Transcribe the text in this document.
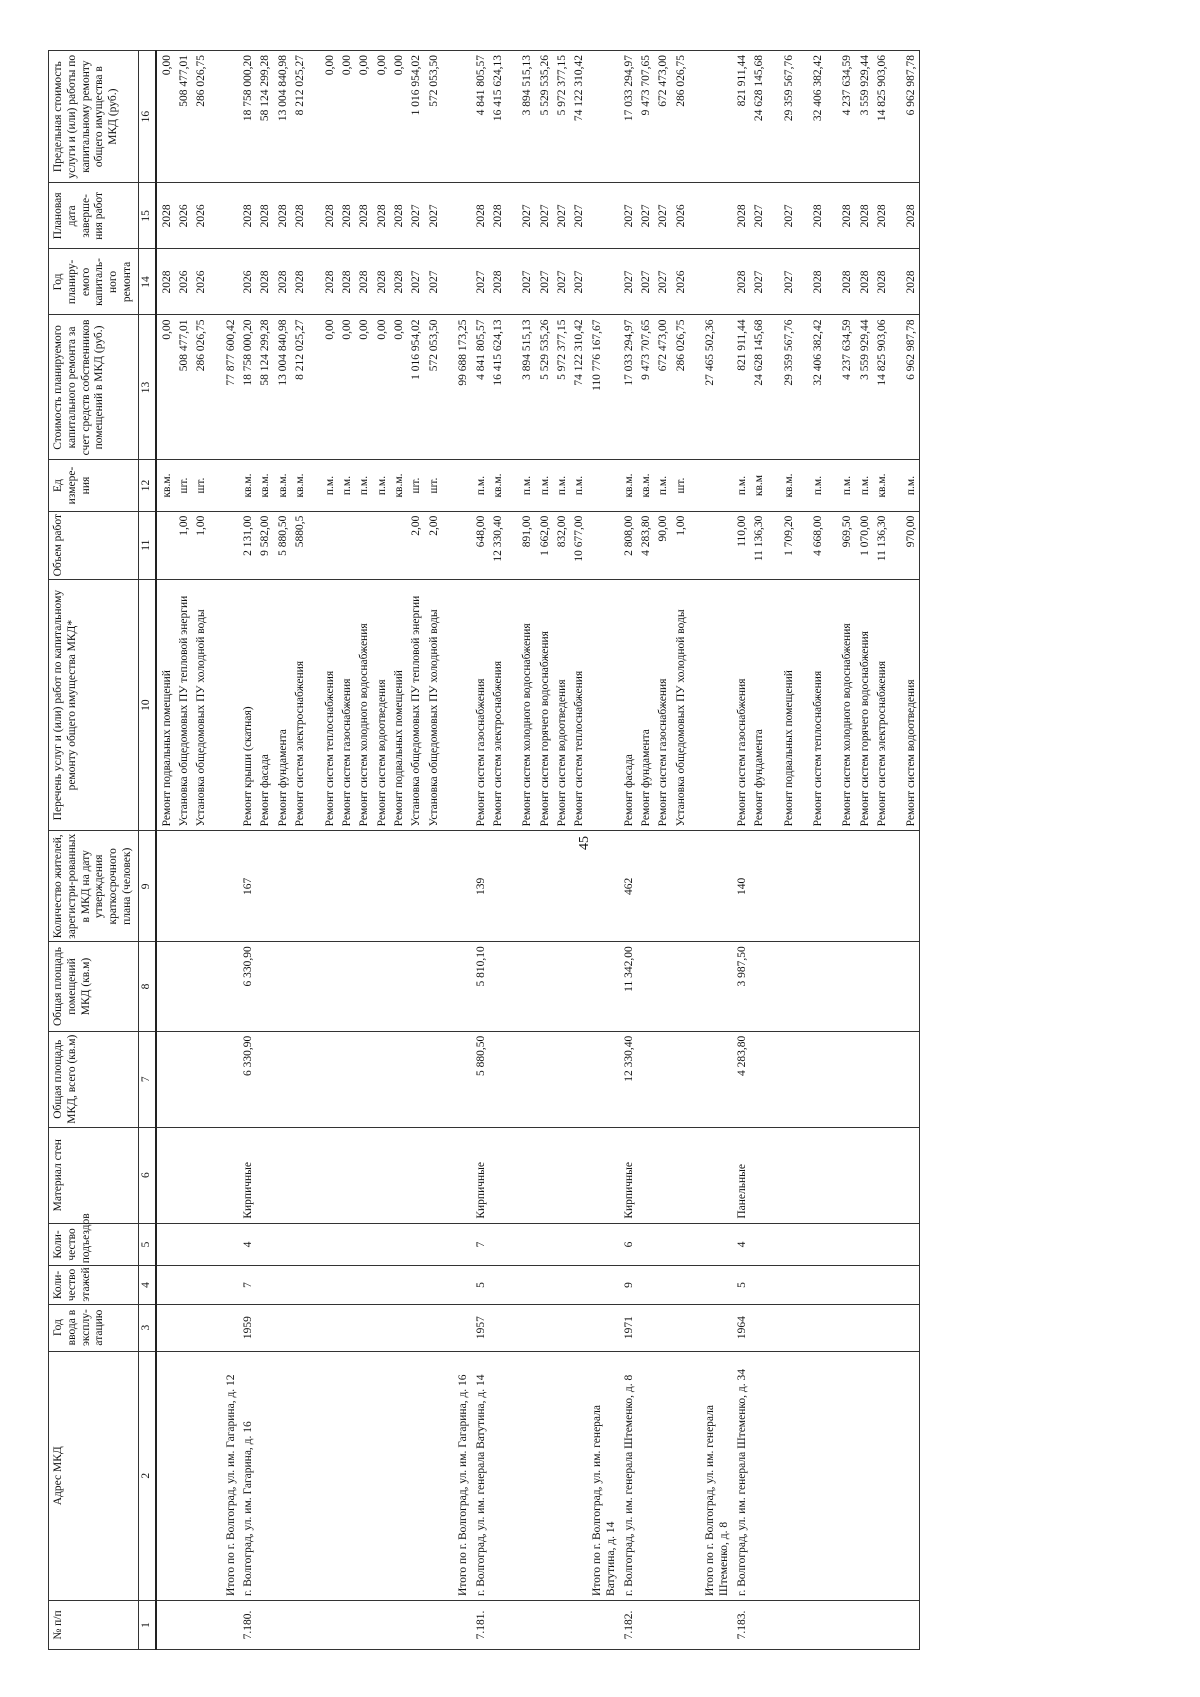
45
№ п/п	Адрес МКД	Год ввода в эксплу-атацию	Коли-чество этажей	Коли-чество подъездов	Материал стен	Общая площадь МКД, всего (кв.м)	Общая площадь помещений МКД (кв.м)	Количество жителей, зарегистри-рованных в МКД на дату утверждения краткосрочного плана (человек)	Перечень услуг и (или) работ по капитальному ремонту общего имущества МКД*	Объем работ	Ед измере-ния	Стоимость планируемого капитального ремонта за счет средств собственников помещений в МКД (руб.)	Год планиру-емого капиталь-ного ремонта	Плановая дата заверше-ния работ	Предельная стоимость услуги и (или) работы по капитальному ремонту общего имущества в МКД (руб.)
1	2	3	4	5	6	7	8	9	10	11	12	13	14	15	16
									Ремонт подвальных помещений		кв.м.	0,00	2028	2028	0,00
									Установка общедомовых ПУ тепловой энергии	1,00	шт.	508 477,01	2026	2026	508 477,01
									Установка общедомовых ПУ холодной воды	1,00	шт.	286 026,75	2026	2026	286 026,75

	Итого по г. Волгоград, ул. им. Гагарина, д. 12											77 877 600,42			
7.180.	г. Волгоград, ул. им. Гагарина, д. 16	1959	7	4	Кирпичные	6 330,90	6 330,90	167	Ремонт крыши (скатная)	2 131,00	кв.м.	18 758 000,20	2026	2028	18 758 000,20
									Ремонт фасада	9 582,00	кв.м.	58 124 299,28	2028	2028	58 124 299,28
									Ремонт фундамента	5 880,50	кв.м.	13 004 840,98	2028	2028	13 004 840,98
									Ремонт систем электроснабжения	5880,5	кв.м.	8 212 025,27	2028	2028	8 212 025,27

									Ремонт систем теплоснабжения		п.м.	0,00	2028	2028	0,00
									Ремонт систем газоснабжения		п.м.	0,00	2028	2028	0,00
									Ремонт систем холодного водоснабжения		п.м.	0,00	2028	2028	0,00
									Ремонт систем водоотведения		п.м.	0,00	2028	2028	0,00
									Ремонт подвальных помещений		кв.м.	0,00	2028	2028	0,00
									Установка общедомовых ПУ тепловой энергии	2,00	шт.	1 016 954,02	2027	2027	1 016 954,02
									Установка общедомовых ПУ холодной воды	2,00	шт.	572 053,50	2027	2027	572 053,50

	Итого по г. Волгоград, ул. им. Гагарина, д. 16											99 688 173,25			
7.181.	г. Волгоград, ул. им. генерала Ватутина, д. 14	1957	5	7	Кирпичные	5 880,50	5 810,10	139	Ремонт систем газоснабжения	648,00	п.м.	4 841 805,57	2027	2028	4 841 805,57
									Ремонт систем электроснабжения	12 330,40	кв.м.	16 415 624,13	2028	2028	16 415 624,13

									Ремонт систем холодного водоснабжения	891,00	п.м.	3 894 515,13	2027	2027	3 894 515,13
									Ремонт систем горячего водоснабжения	1 662,00	п.м.	5 529 535,26	2027	2027	5 529 535,26
									Ремонт систем водоотведения	832,00	п.м.	5 972 377,15	2027	2027	5 972 377,15
									Ремонт систем теплоснабжения	10 677,00	п.м.	74 122 310,42	2027	2027	74 122 310,42
	Итого по г. Волгоград, ул. им. генерала Ватутина, д. 14											110 776 167,67			
7.182.	г. Волгоград, ул. им. генерала Штеменко, д. 8	1971	9	6	Кирпичные	12 330,40	11 342,00	462	Ремонт фасада	2 808,00	кв.м.	17 033 294,97	2027	2027	17 033 294,97
									Ремонт фундамента	4 283,80	кв.м.	9 473 707,65	2027	2027	9 473 707,65
									Ремонт систем газоснабжения	90,00	п.м.	672 473,00	2027	2027	672 473,00
									Установка общедомовых ПУ холодной воды	1,00	шт.	286 026,75	2026	2026	286 026,75

	Итого по г. Волгоград, ул. им. генерала Штеменко, д. 8											27 465 502,36			
7.183.	г. Волгоград, ул. им. генерала Штеменко, д. 34	1964	5	4	Панельные	4 283,80	3 987,50	140	Ремонт систем газоснабжения	110,00	п.м.	821 911,44	2028	2028	821 911,44
									Ремонт фундамента	11 136,30	кв.м	24 628 145,68	2027	2027	24 628 145,68

									Ремонт подвальных помещений	1 709,20	кв.м.	29 359 567,76	2027	2027	29 359 567,76

									Ремонт систем теплоснабжения	4 668,00	п.м.	32 406 382,42	2028	2028	32 406 382,42

									Ремонт систем холодного водоснабжения	969,50	п.м.	4 237 634,59	2028	2028	4 237 634,59
									Ремонт систем горячего водоснабжения	1 070,00	п.м.	3 559 929,44	2028	2028	3 559 929,44
									Ремонт систем электроснабжения	11 136,30	кв.м.	14 825 903,06	2028	2028	14 825 903,06

									Ремонт систем водоотведения	970,00	п.м.	6 962 987,78	2028	2028	6 962 987,78
